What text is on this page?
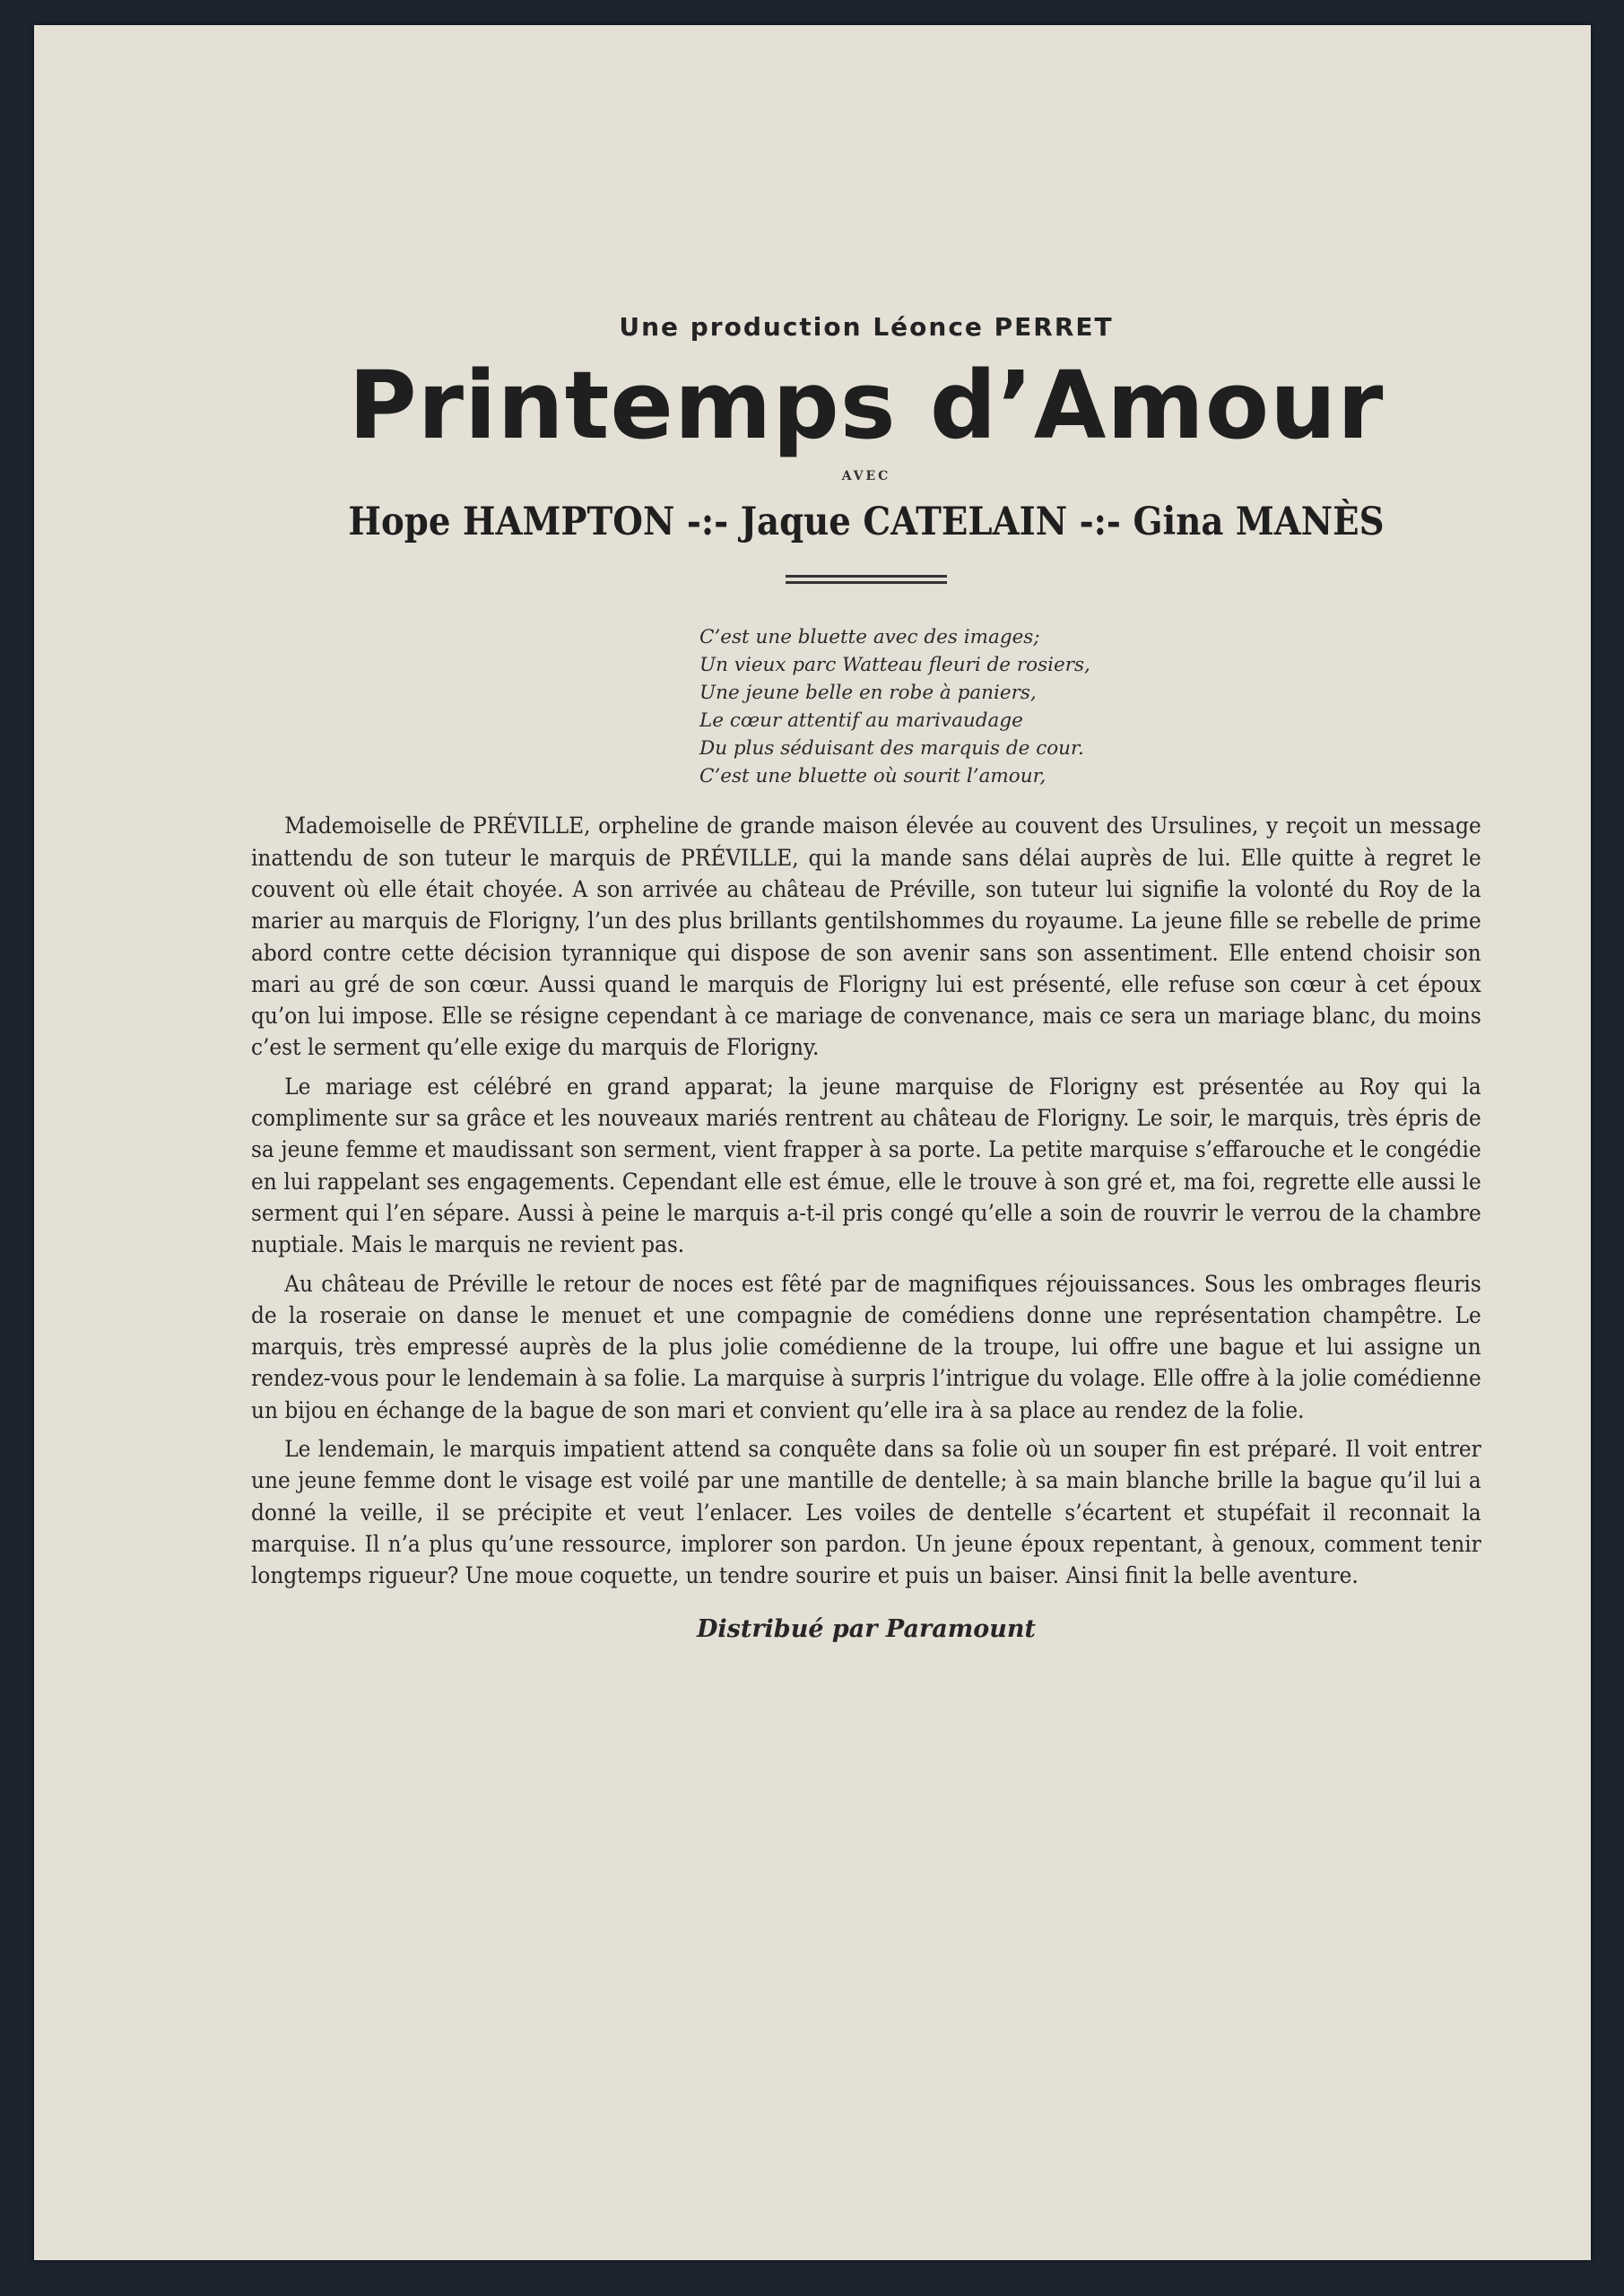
Une production Léonce PERRET

Printemps d’Amour

AVEC

Hope HAMPTON -:- Jaque CATELAIN -:- Gina MANÈS

C’est une bluette avec des images;
Un vieux parc Watteau fleuri de rosiers,
Une jeune belle en robe à paniers,
Le cœur attentif au marivaudage
Du plus séduisant des marquis de cour.
C’est une bluette où sourit l’amour,

Mademoiselle de PRÉVILLE, orpheline de grande maison élevée au couvent des Ursulines, y reçoit un message inattendu de son tuteur le marquis de PRÉVILLE, qui la mande sans délai auprès de lui. Elle quitte à regret le couvent où elle était choyée. A son arrivée au château de Préville, son tuteur lui signifie la volonté du Roy de la marier au marquis de Florigny, l’un des plus brillants gentilshommes du royaume. La jeune fille se rebelle de prime abord contre cette décision tyrannique qui dispose de son avenir sans son assentiment. Elle entend choisir son mari au gré de son cœur. Aussi quand le marquis de Florigny lui est présenté, elle refuse son cœur à cet époux qu’on lui impose. Elle se résigne cependant à ce mariage de convenance, mais ce sera un mariage blanc, du moins c’est le serment qu’elle exige du marquis de Florigny.

Le mariage est célébré en grand apparat; la jeune marquise de Florigny est présentée au Roy qui la complimente sur sa grâce et les nouveaux mariés rentrent au château de Florigny. Le soir, le marquis, très épris de sa jeune femme et maudissant son serment, vient frapper à sa porte. La petite marquise s’effarouche et le congédie en lui rappelant ses engagements. Cependant elle est émue, elle le trouve à son gré et, ma foi, regrette elle aussi le serment qui l’en sépare. Aussi à peine le marquis a-t-il pris congé qu’elle a soin de rouvrir le verrou de la chambre nuptiale. Mais le marquis ne revient pas.

Au château de Préville le retour de noces est fêté par de magnifiques réjouissances. Sous les ombrages fleuris de la roseraie on danse le menuet et une compagnie de comédiens donne une représentation champêtre. Le marquis, très empressé auprès de la plus jolie comédienne de la troupe, lui offre une bague et lui assigne un rendez-vous pour le lendemain à sa folie. La marquise à surpris l’intrigue du volage. Elle offre à la jolie comédienne un bijou en échange de la bague de son mari et convient qu’elle ira à sa place au rendez de la folie.

Le lendemain, le marquis impatient attend sa conquête dans sa folie où un souper fin est préparé. Il voit entrer une jeune femme dont le visage est voilé par une mantille de dentelle; à sa main blanche brille la bague qu’il lui a donné la veille, il se précipite et veut l’enlacer. Les voiles de dentelle s’écartent et stupéfait il reconnait la marquise. Il n’a plus qu’une ressource, implorer son pardon. Un jeune époux repentant, à genoux, comment tenir longtemps rigueur? Une moue coquette, un tendre sourire et puis un baiser. Ainsi finit la belle aventure.

Distribué par Paramount
